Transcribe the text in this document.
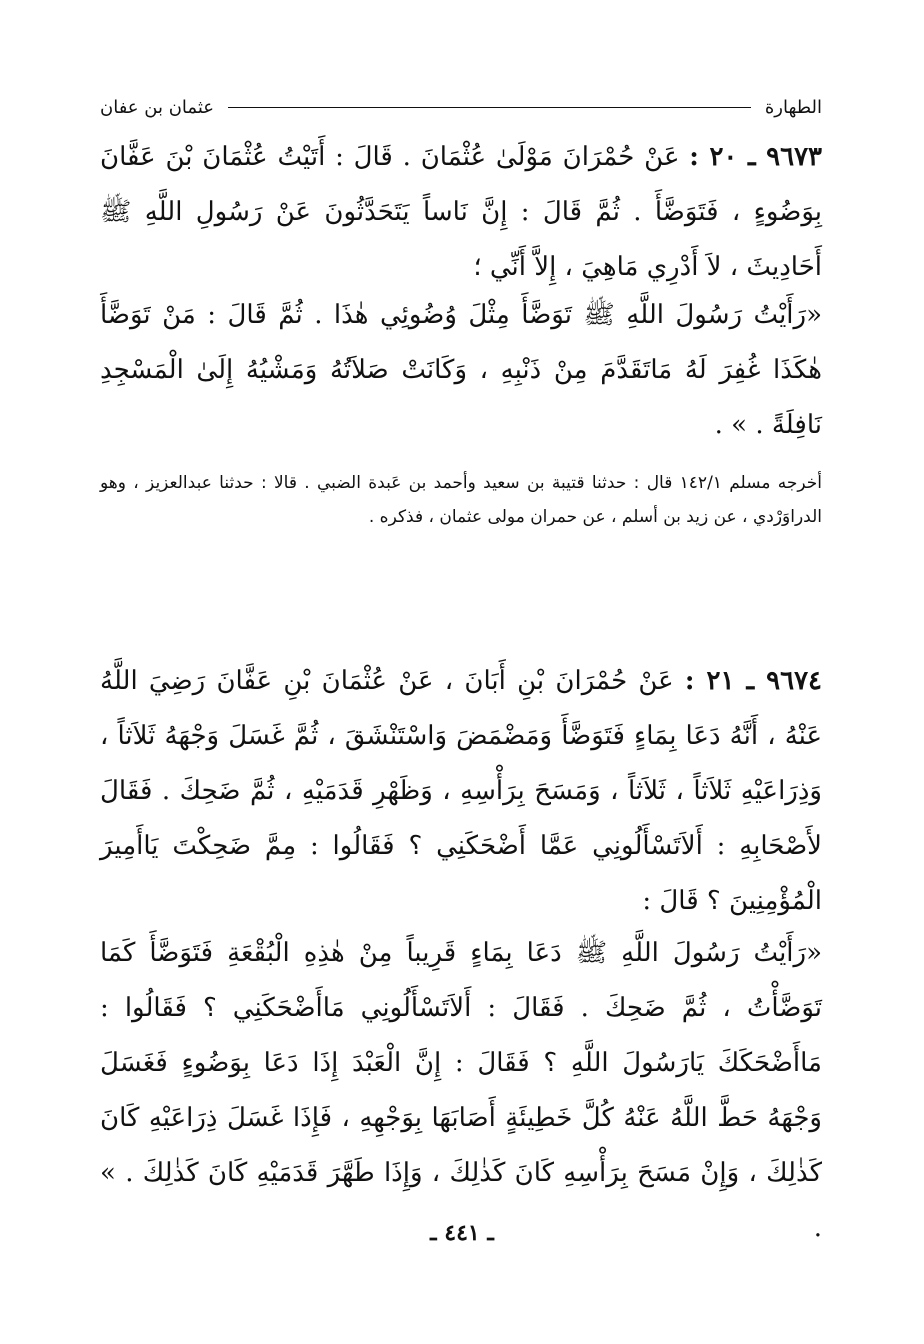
الطهارة
عثمان بن عفان
٩٦٧٣ ـ ٢٠ : عَنْ حُمْرَانَ مَوْلَىٰ عُثْمَانَ . قَالَ : أَتَيْتُ عُثْمَانَ بْنَ عَفَّانَ بِوَضُوءٍ ، فَتَوَضَّأَ . ثُمَّ قَالَ : إِنَّ نَاساً يَتَحَدَّثُونَ عَنْ رَسُولِ اللَّهِ ﷺ أَحَادِيثَ ، لاَ أَدْرِي مَاهِيَ ، إِلاَّ أَنِّي ؛
«رَأَيْتُ رَسُولَ اللَّهِ ﷺ تَوَضَّأَ مِثْلَ وُضُوئِي هٰذَا . ثُمَّ قَالَ : مَنْ تَوَضَّأَ هٰكَذَا غُفِرَ لَهُ مَاتَقَدَّمَ مِنْ ذَنْبِهِ ، وَكَانَتْ صَلاَتُهُ وَمَشْيُهُ إِلَىٰ الْمَسْجِدِ نَافِلَةً . » .
أخرجه مسلم ١٤٢/١ قال : حدثنا قتيبة بن سعيد وأحمد بن عَبدة الضبي . قالا : حدثنا عبدالعزيز ، وهو الدراوَرْدي ، عن زيد بن أسلم ، عن حمران مولى عثمان ، فذكره .
٩٦٧٤ ـ ٢١ : عَنْ حُمْرَانَ بْنِ أَبَانَ ، عَنْ عُثْمَانَ بْنِ عَفَّانَ رَضِيَ اللَّهُ عَنْهُ ، أَنَّهُ دَعَا بِمَاءٍ فَتَوَضَّأَ وَمَضْمَضَ وَاسْتَنْشَقَ ، ثُمَّ غَسَلَ وَجْهَهُ ثَلاَثاً ، وَذِرَاعَيْهِ ثَلاَثاً ، ثَلاَثاً ، وَمَسَحَ بِرَأْسِهِ ، وَظَهْرِ قَدَمَيْهِ ، ثُمَّ ضَحِكَ . فَقَالَ لأَصْحَابِهِ : أَلاَتَسْأَلُونِي عَمَّا أَضْحَكَنِي ؟ فَقَالُوا : مِمَّ ضَحِكْتَ يَاأَمِيرَ الْمُؤْمِنِينَ ؟ قَالَ :
«رَأَيْتُ رَسُولَ اللَّهِ ﷺ دَعَا بِمَاءٍ قَرِيباً مِنْ هٰذِهِ الْبُقْعَةِ فَتَوَضَّأَ كَمَا تَوَضَّأْتُ ، ثُمَّ ضَحِكَ . فَقَالَ : أَلاَتَسْأَلُونِي مَاأَضْحَكَنِي ؟ فَقَالُوا : مَاأَضْحَكَكَ يَارَسُولَ اللَّهِ ؟ فَقَالَ : إِنَّ الْعَبْدَ إِذَا دَعَا بِوَضُوءٍ فَغَسَلَ وَجْهَهُ حَطَّ اللَّهُ عَنْهُ كُلَّ خَطِيئَةٍ أَصَابَهَا بِوَجْهِهِ ، فَإِذَا غَسَلَ ذِرَاعَيْهِ كَانَ كَذٰلِكَ ، وَإِنْ مَسَحَ بِرَأْسِهِ كَانَ كَذٰلِكَ ، وَإِذَا طَهَّرَ قَدَمَيْهِ كَانَ كَذٰلِكَ . » .
ـ ٤٤١ ـ
